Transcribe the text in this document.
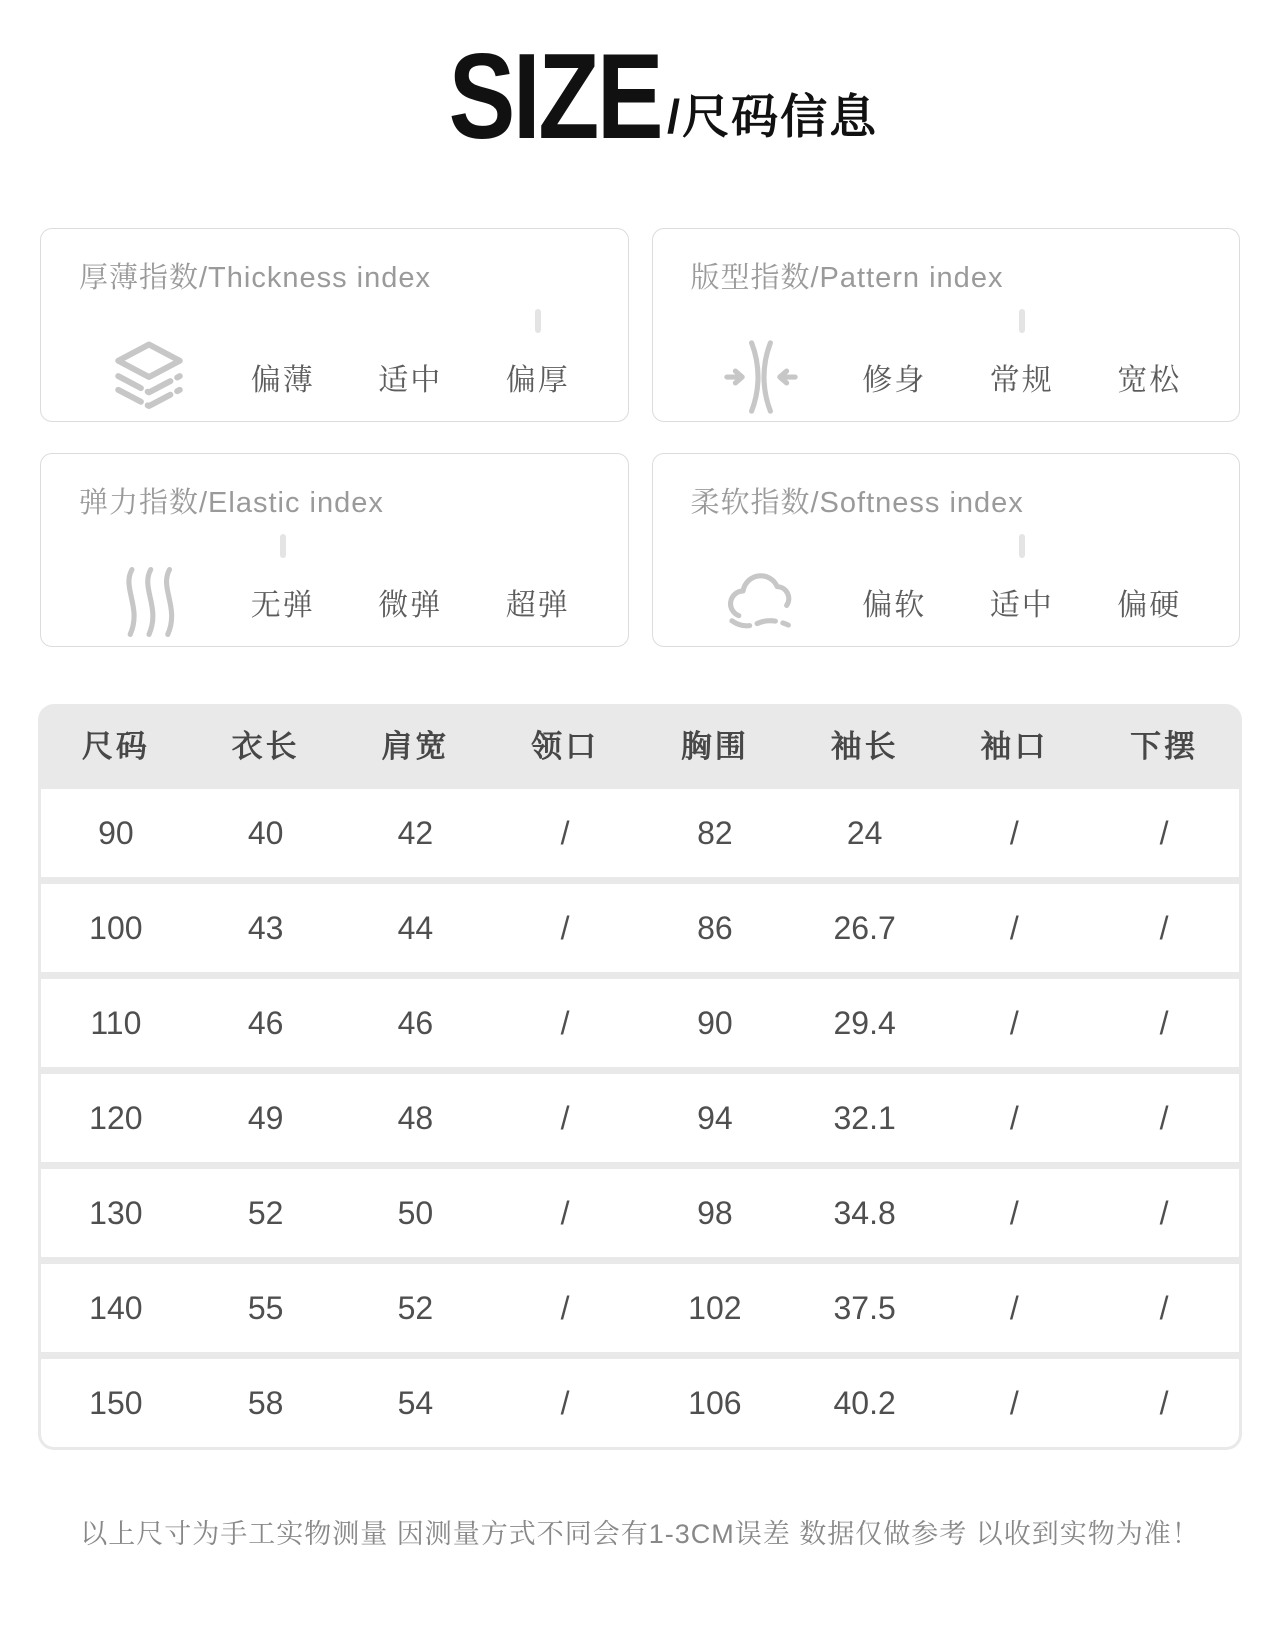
SIZE /尺码信息
厚薄指数/Thickness index
偏薄	适中	偏厚
版型指数/Pattern index
修身	常规	宽松
弹力指数/Elastic index
无弹	微弹	超弹
柔软指数/Softness index
偏软	适中	偏硬
尺码	衣长	肩宽	领口	胸围	袖长	袖口	下摆
90	40	42	/	82	24	/	/
100	43	44	/	86	26.7	/	/
110	46	46	/	90	29.4	/	/
120	49	48	/	94	32.1	/	/
130	52	50	/	98	34.8	/	/
140	55	52	/	102	37.5	/	/
150	58	54	/	106	40.2	/	/
以上尺寸为手工实物测量 因测量方式不同会有1-3CM误差 数据仅做参考 以收到实物为准！
